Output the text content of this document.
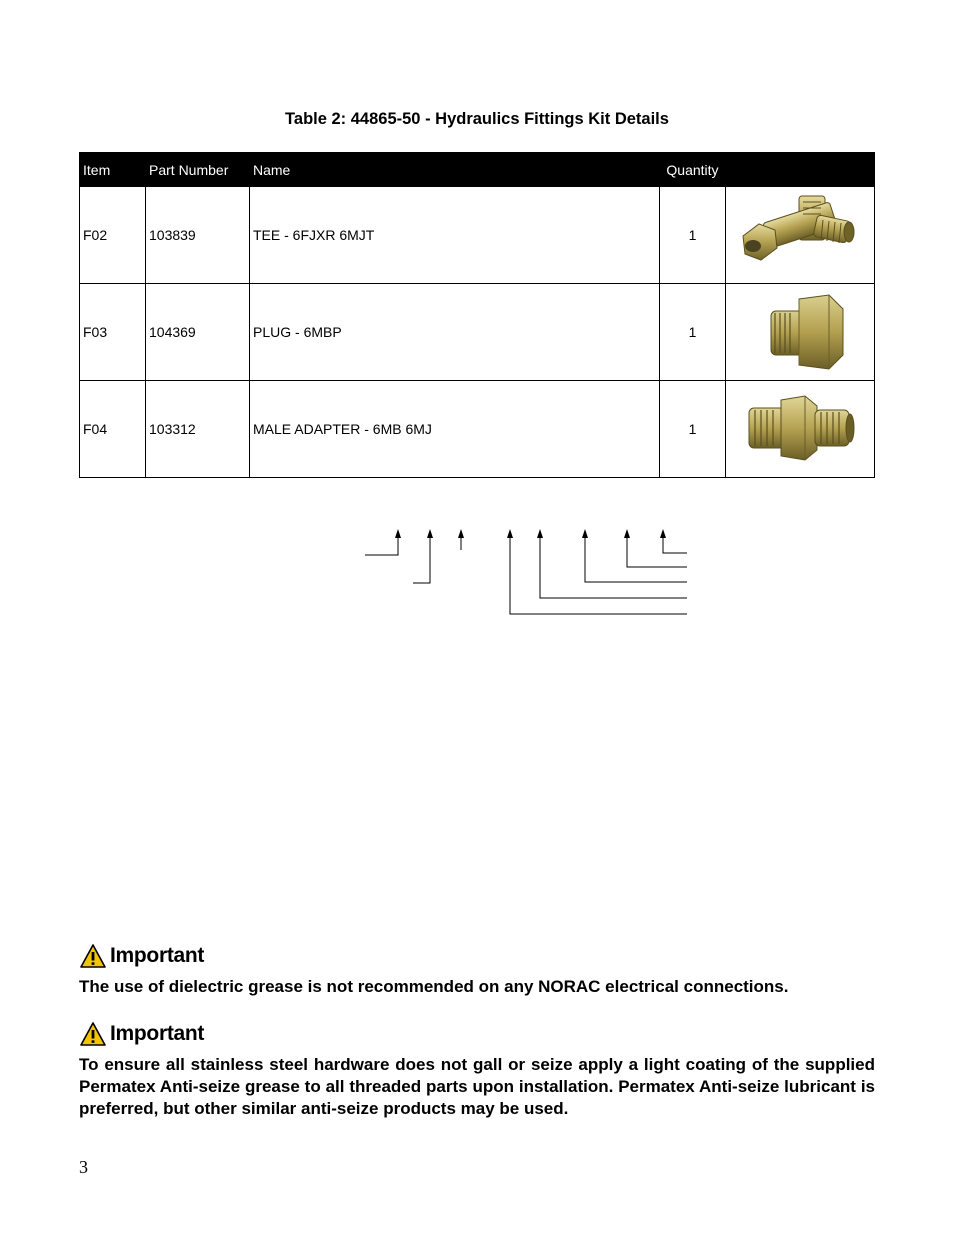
Table 2: 44865-50 - Hydraulics Fittings Kit Details
Item	Part Number	Name	Quantity	
F02	103839	TEE - 6FJXR 6MJT	1	
F03	104369	PLUG - 6MBP	1	
F04	103312	MALE ADAPTER - 6MB 6MJ	1	
Important
The use of dielectric grease is not recommended on any NORAC electrical connections.
Important
To ensure all stainless steel hardware does not gall or seize apply a light coating of the supplied Permatex Anti-seize grease to all threaded parts upon installation. Permatex Anti-seize lubricant is preferred, but other similar anti-seize products may be used.
3
